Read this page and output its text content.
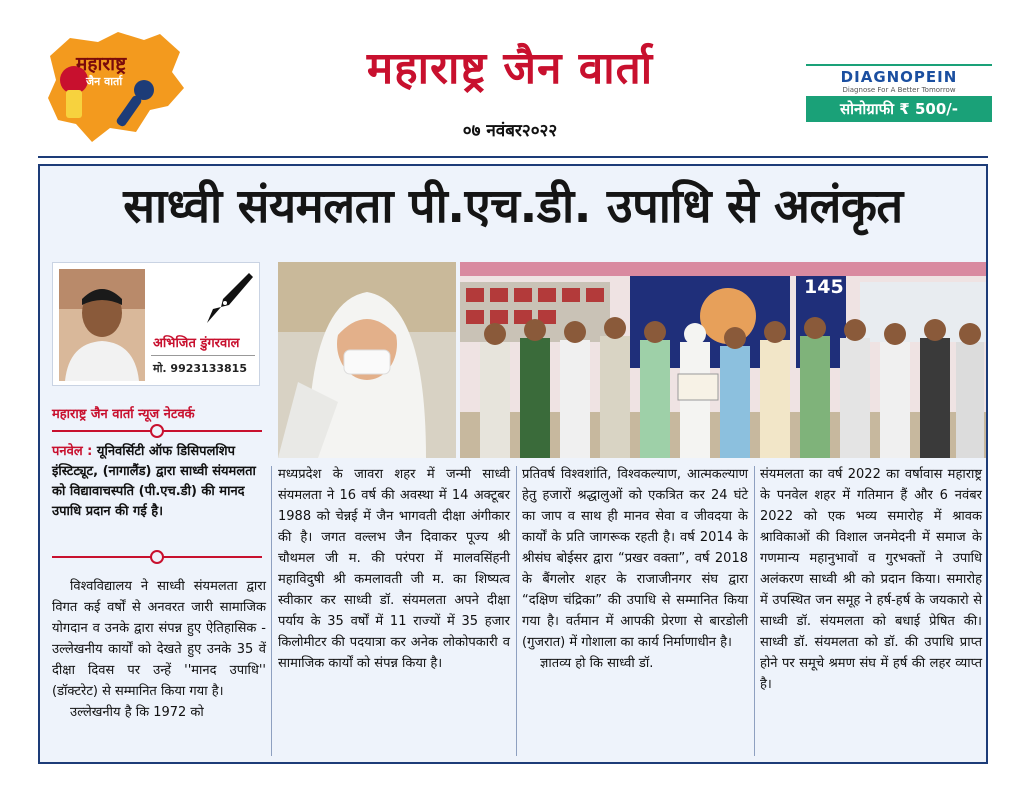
महाराष्ट्र
जैन वार्ता	महाराष्ट्र जैन वार्ता
०७ नवंबर२०२२
DIAGNOPEIN
Diagnose For A Better Tomorrow
सोनोग्राफी ₹ 500/-
साध्वी संयमलता पी.एच.डी. उपाधि से अलंकृत
अभिजित डुंगरवाल
मो. 9923133815
महाराष्ट्र जैन वार्ता न्यूज नेटवर्क
पनवेल : यूनिवर्सिटी ऑफ डिसिपलशिप इंस्टिट्यूट, (नागालैंड) द्वारा साध्वी संयमलता को विद्यावाचस्पति (पी.एच.डी) की मानद उपाधि प्रदान की गई है।

विश्वविद्यालय ने साध्वी संयमलता द्वारा विगत कई वर्षों से अनवरत जारी सामाजिक योगदान व उनके द्वारा संपन्न हुए ऐतिहासिक - उल्लेखनीय कार्यों को देखते हुए उनके 35 वें दीक्षा दिवस पर उन्हें ''मानद उपाधि'' (डॉक्टरेट) से सम्मानित किया गया है।

उल्लेखनीय है कि 1972 को

मध्यप्रदेश के जावरा शहर में जन्मी साध्वी संयमलता ने 16 वर्ष की अवस्था में 14 अक्टूबर 1988 को चेन्नई में जैन भागवती दीक्षा अंगीकार की है। जगत वल्लभ जैन दिवाकर पूज्य श्री चौथमल जी म. की परंपरा में मालवसिंहनी महाविदुषी श्री कमलावती जी म. का शिष्यत्व स्वीकार कर साध्वी डॉ. संयमलता अपने दीक्षा पर्याय के 35 वर्षों में 11 राज्यों में 35 हजार किलोमीटर की पदयात्रा कर अनेक लोकोपकारी व सामाजिक कार्यों को संपन्न किया है।

प्रतिवर्ष विश्वशांति, विश्वकल्याण, आत्मकल्याण हेतु हजारों श्रद्धालुओं को एकत्रित कर 24 घंटे का जाप व साथ ही मानव सेवा व जीवदया के कार्यों के प्रति जागरूक रहती है। वर्ष 2014 के श्रीसंघ बोईसर द्वारा “प्रखर वक्ता”, वर्ष 2018 के बैंगलोर शहर के राजाजीनगर संघ द्वारा “दक्षिण चंद्रिका” की उपाधि से सम्मानित किया गया है। वर्तमान में आपकी प्रेरणा से बारडोली (गुजरात) में गोशाला का कार्य निर्माणाधीन है।

ज्ञातव्य हो कि साध्वी डॉ.

संयमलता का वर्ष 2022 का वर्षावास महाराष्ट्र के पनवेल शहर में गतिमान हैं और 6 नवंबर 2022 को एक भव्य समारोह में श्रावक श्राविकाओं की विशाल जनमेदनी में समाज के गणमान्य महानुभावों व गुरभक्तों ने उपाधि अलंकरण साध्वी श्री को प्रदान किया। समारोह में उपस्थित जन समूह ने हर्ष-हर्ष के जयकारो से साध्वी डॉ. संयमलता को बधाई प्रेषित की। साध्वी डॉ. संयमलता को डॉ. की उपाधि प्राप्त होने पर समूचे श्रमण संघ में हर्ष की लहर व्याप्त है।

145
